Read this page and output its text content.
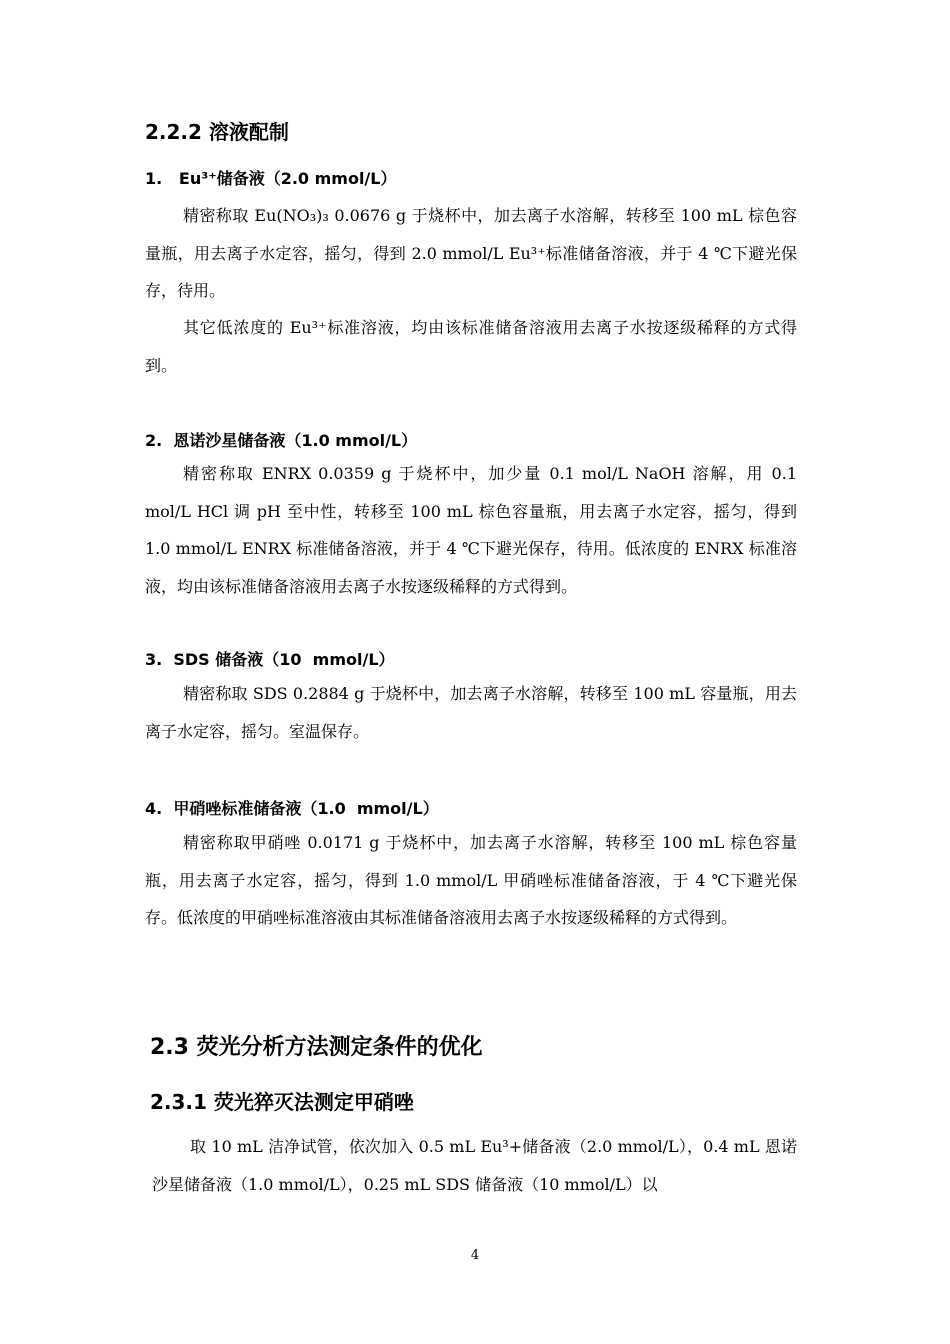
2.2.2 溶液配制
1.   Eu³⁺储备液（2.0 mmol/L）

精密称取 Eu(NO₃)₃ 0.0676 g 于烧杯中，加去离子水溶解，转移至 100 mL 棕色容量瓶，用去离子水定容，摇匀，得到 2.0 mmol/L Eu³⁺标准储备溶液，并于 4 ℃下避光保存，待用。

其它低浓度的 Eu³⁺标准溶液，均由该标准储备溶液用去离子水按逐级稀释的方式得到。

2.  恩诺沙星储备液（1.0 mmol/L）

精密称取 ENRX 0.0359 g 于烧杯中，加少量 0.1 mol/L NaOH 溶解，用 0.1 mol/L HCl 调 pH 至中性，转移至 100 mL 棕色容量瓶，用去离子水定容，摇匀，得到 1.0 mmol/L ENRX 标准储备溶液，并于 4 ℃下避光保存，待用。低浓度的 ENRX 标准溶液，均由该标准储备溶液用去离子水按逐级稀释的方式得到。

3.  SDS 储备液（10  mmol/L）

精密称取 SDS 0.2884 g 于烧杯中，加去离子水溶解，转移至 100 mL 容量瓶，用去离子水定容，摇匀。室温保存。

4.  甲硝唑标准储备液（1.0  mmol/L）

精密称取甲硝唑 0.0171 g 于烧杯中，加去离子水溶解，转移至 100 mL 棕色容量瓶，用去离子水定容，摇匀，得到 1.0 mmol/L 甲硝唑标准储备溶液，于 4 ℃下避光保存。低浓度的甲硝唑标准溶液由其标准储备溶液用去离子水按逐级稀释的方式得到。

2.3 荧光分析方法测定条件的优化
2.3.1 荧光猝灭法测定甲硝唑

取 10 mL 洁净试管，依次加入 0.5 mL Eu³+储备液（2.0 mmol/L），0.4 mL 恩诺沙星储备液（1.0 mmol/L），0.25 mL SDS 储备液（10 mmol/L）以

4
